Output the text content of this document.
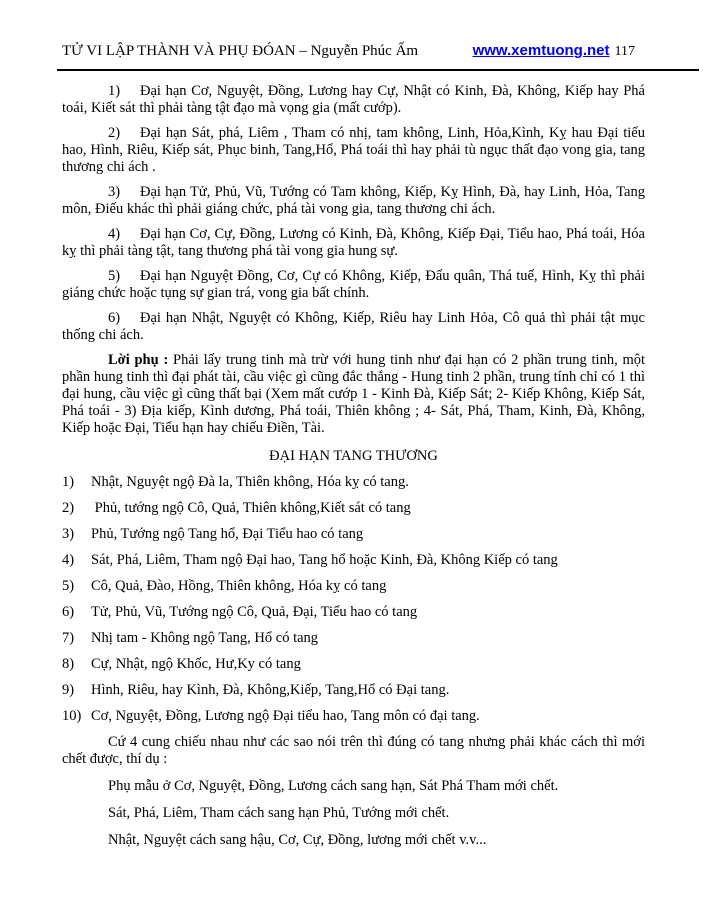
TỬ VI LẬP THÀNH VÀ PHỤ ĐÓAN – Nguyễn Phúc Ấm	www.xemtuong.net 117

1) Đại hạn Cơ, Nguyệt, Đồng, Lương hay Cự, Nhật có Kinh, Đà, Không, Kiếp hay Phá toái, Kiết sát thì phải tàng tật đạo mà vọng gia (mất cướp).

2) Đại hạn Sát, phá, Liêm , Tham có nhị, tam không, Linh, Hỏa,Kình, Kỵ hau Đại tiểu hao, Hình, Riêu, Kiếp sát, Phục binh, Tang,Hổ, Phá toái thì hay phải tù ngục thất đạo vong gia, tang thương chi ách .

3) Đại hạn Tử, Phủ, Vũ, Tướng có Tam không, Kiếp, Kỵ Hình, Đà, hay Linh, Hỏa, Tang môn, Điếu khác thì phải giáng chức, phá tài vong gia, tang thương chi ách.

4) Đại hạn Cơ, Cự, Đồng, Lương có Kinh, Đà, Không, Kiếp Đại, Tiểu hao, Phá toái, Hóa kỵ thì phải tàng tật, tang thương phá tài vong gia hung sự.

5) Đại hạn Nguyệt Đồng, Cơ, Cự có Không, Kiếp, Đẩu quân, Thá tuế, Hình, Kỵ thì phải giáng chức hoặc tụng sự gian trá, vong gia bất chính.

6) Đại hạn Nhật, Nguyệt có Không, Kiếp, Riêu hay Linh Hỏa, Cô quả thì phải tật mục thống chi ách.

Lời phụ : Phải lấy trung tinh mà trừ với hung tinh như đại hạn có 2 phần trung tinh, một phần hung tinh thì đại phát tài, cầu việc gì cũng đắc thắng - Hung tinh 2 phần, trung tính chỉ có 1 thì đại hung, cầu việc gì cũng thất bại (Xem mất cướp 1 - Kinh Đà, Kiếp Sát; 2- Kiếp Không, Kiếp Sát, Phá toái - 3) Địa kiếp, Kình dương, Phá toái, Thiên không ; 4- Sát, Phá, Tham, Kinh, Đà, Không, Kiếp hoặc Đại, Tiểu hạn hay chiếu Điền, Tài.

ĐẠI HẠN TANG THƯƠNG
1) Nhật, Nguyệt ngộ Đà la, Thiên không, Hóa kỵ có tang.
2) Phủ, tướng ngộ Cô, Quả, Thiên không,Kiết sát có tang
3) Phủ, Tướng ngộ Tang hổ, Đại Tiểu hao có tang
4) Sát, Phá, Liêm, Tham ngộ Đại hao, Tang hổ hoặc Kinh, Đà, Không Kiếp có tang
5) Cô, Quả, Đào, Hồng, Thiên không, Hóa kỵ có tang
6) Tử, Phủ, Vũ, Tướng ngộ Cô, Quả, Đại, Tiểu hao có tang
7) Nhị tam - Không ngộ Tang, Hổ có tang
8) Cự, Nhật, ngộ Khốc, Hư,Ky có tang
9) Hình, Riêu, hay Kình, Đà, Không,Kiếp, Tang,Hổ có Đại tang.
10) Cơ, Nguyệt, Đồng, Lương ngộ Đại tiểu hao, Tang môn có đại tang.

Cứ 4 cung chiếu nhau như các sao nói trên thì đúng có tang nhưng phải khác cách thì mới chết được, thí dụ :

Phụ mẫu ở Cơ, Nguyệt, Đồng, Lương cách sang hạn, Sát Phá Tham mới chết.

Sát, Phá, Liêm, Tham cách sang hạn Phủ, Tướng mới chết.

Nhật, Nguyệt cách sang hậu, Cơ, Cự, Đồng, lương mới chết v.v...
